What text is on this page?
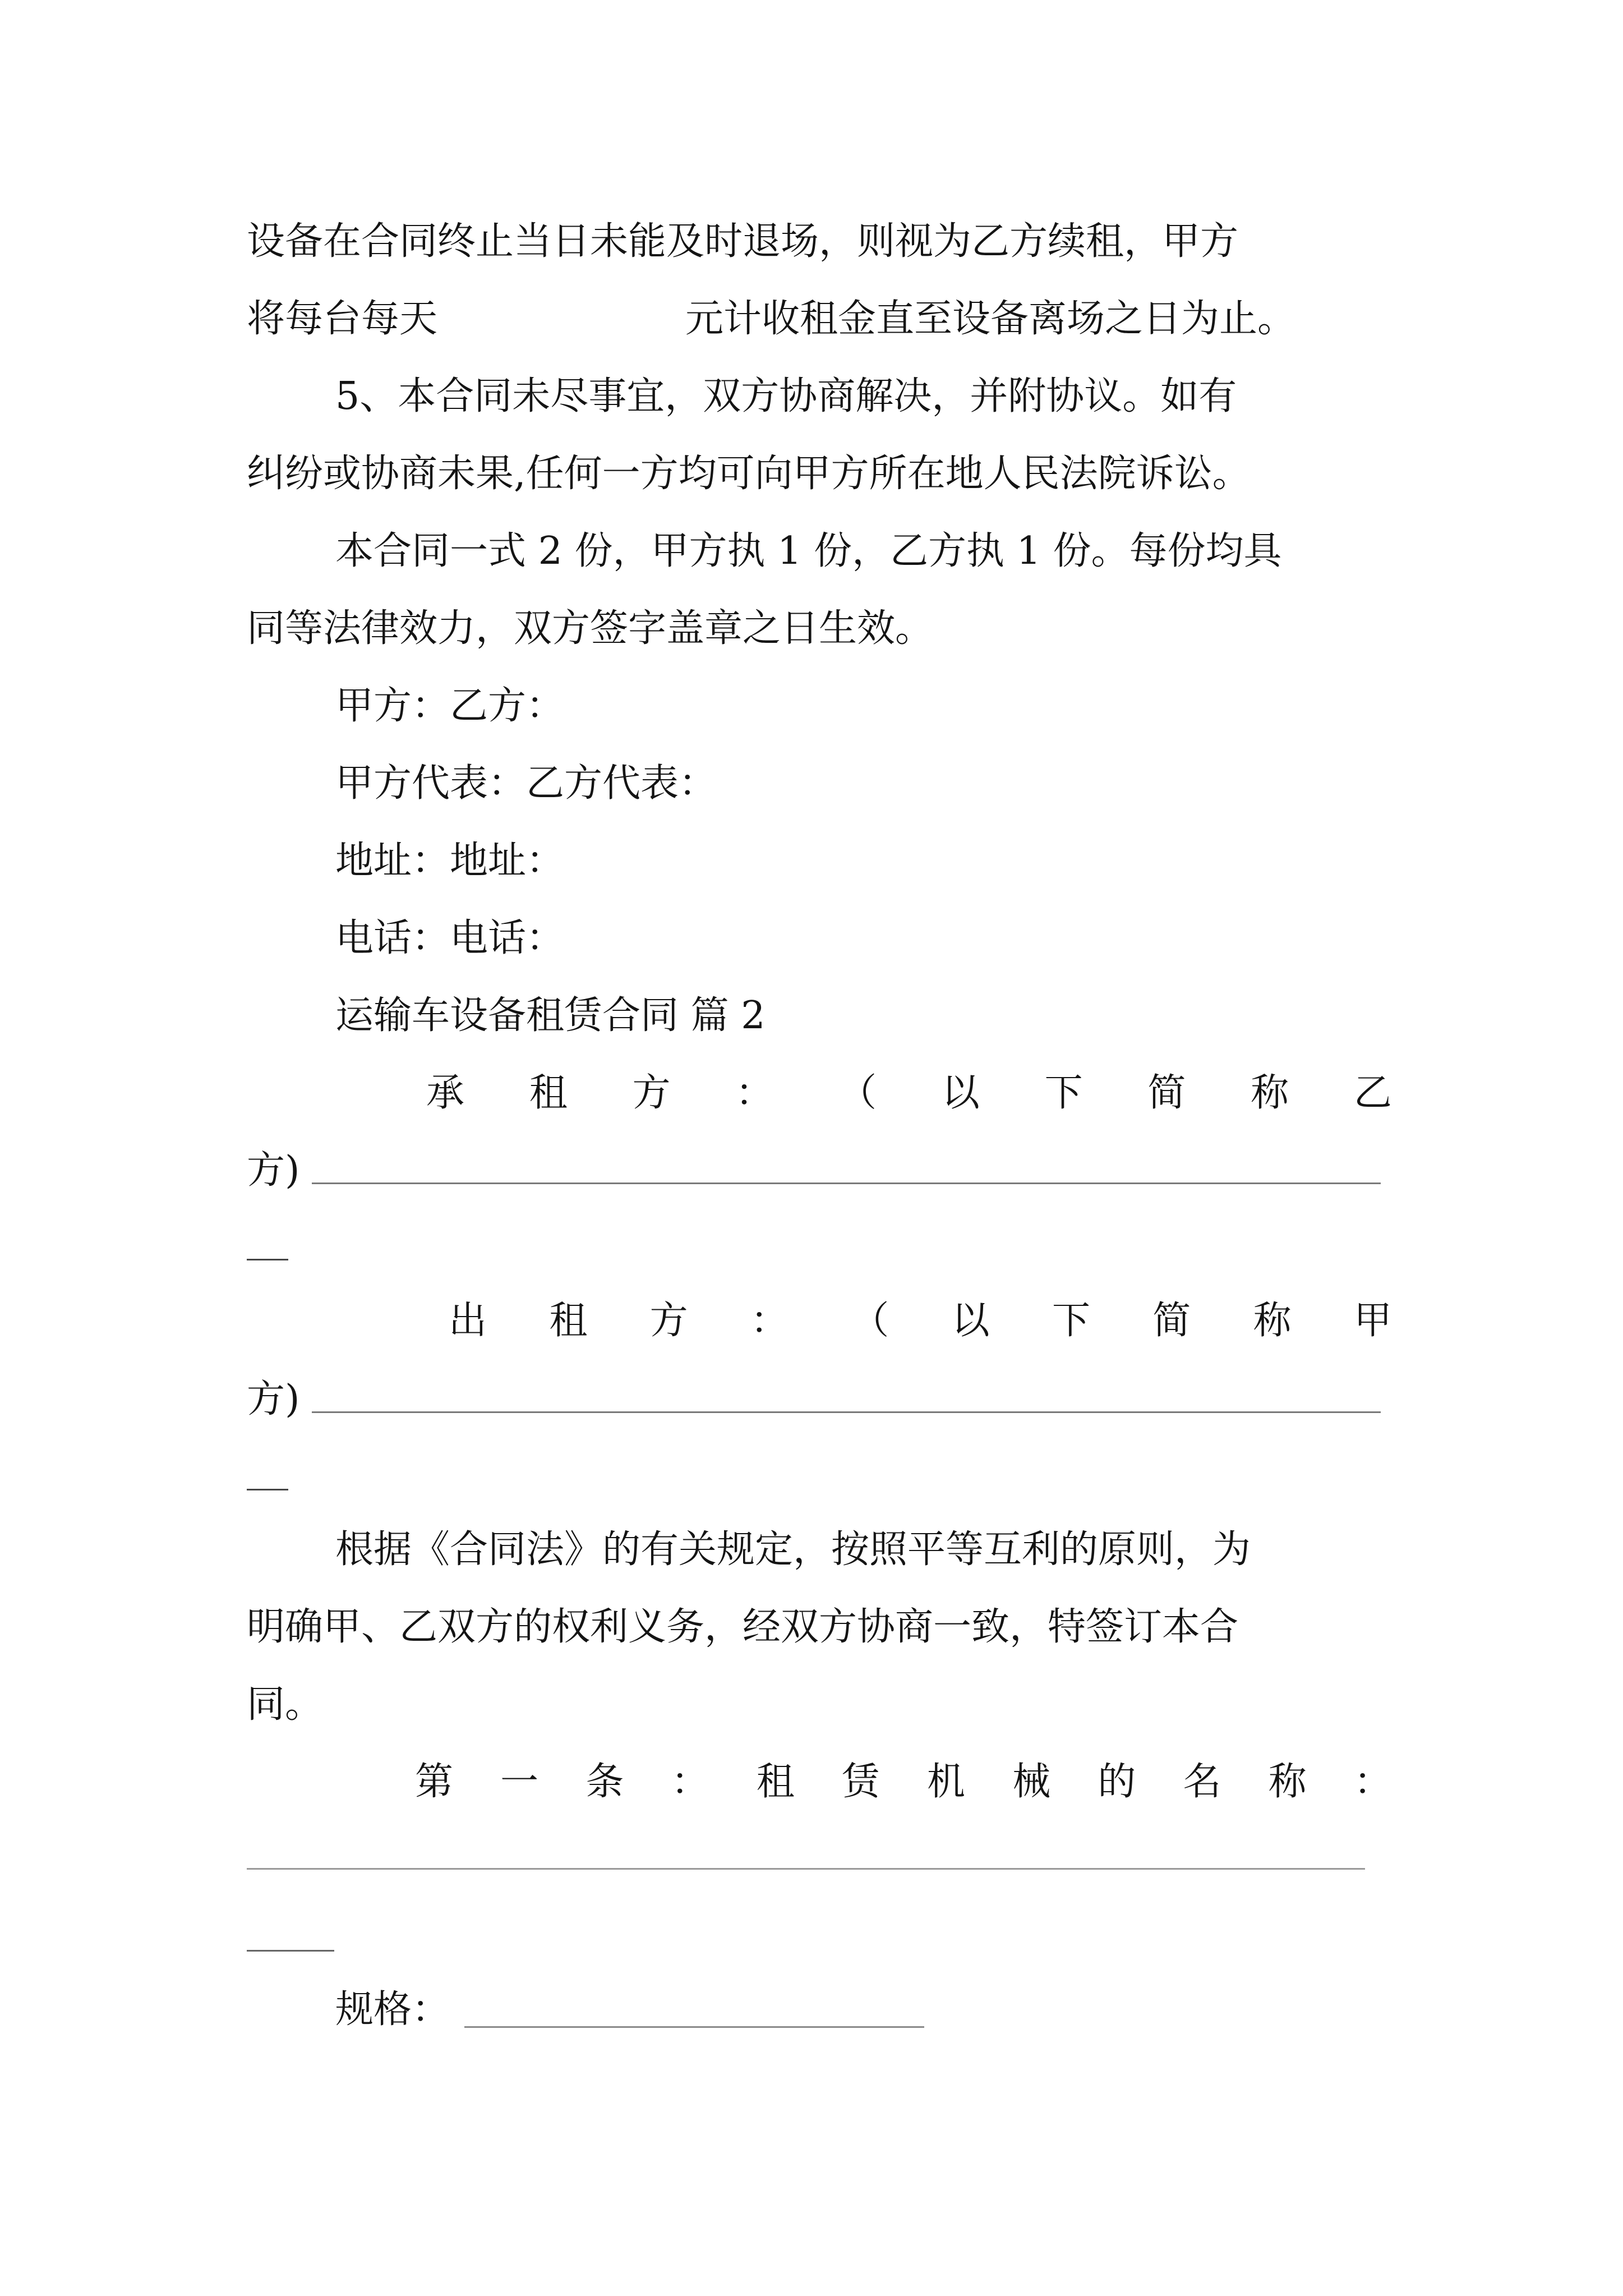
设备在合同终止当日未能及时退场，则视为乙方续租，甲方
将每台每天	元计收租金直至设备离场之日为止。
5、本合同未尽事宜，双方协商解决，并附协议。如有
纠纷或协商未果,任何一方均可向甲方所在地人民法院诉讼。
本合同一式 2 份，甲方执 1 份，乙方执 1 份。每份均具
同等法律效力，双方签字盖章之日生效。
甲方：乙方：
甲方代表：乙方代表：
地址：地址：
电话：电话：
运输车设备租赁合同 篇 2
承 租 方 ： （ 以 下 简 称 乙
方)
出 租 方 ： （ 以 下 简 称 甲
方)
根据《合同法》的有关规定，按照平等互利的原则，为
明确甲、乙双方的权利义务，经双方协商一致，特签订本合
同。
第 一 条 ： 租 赁 机 械 的 名 称 ：
规格：
